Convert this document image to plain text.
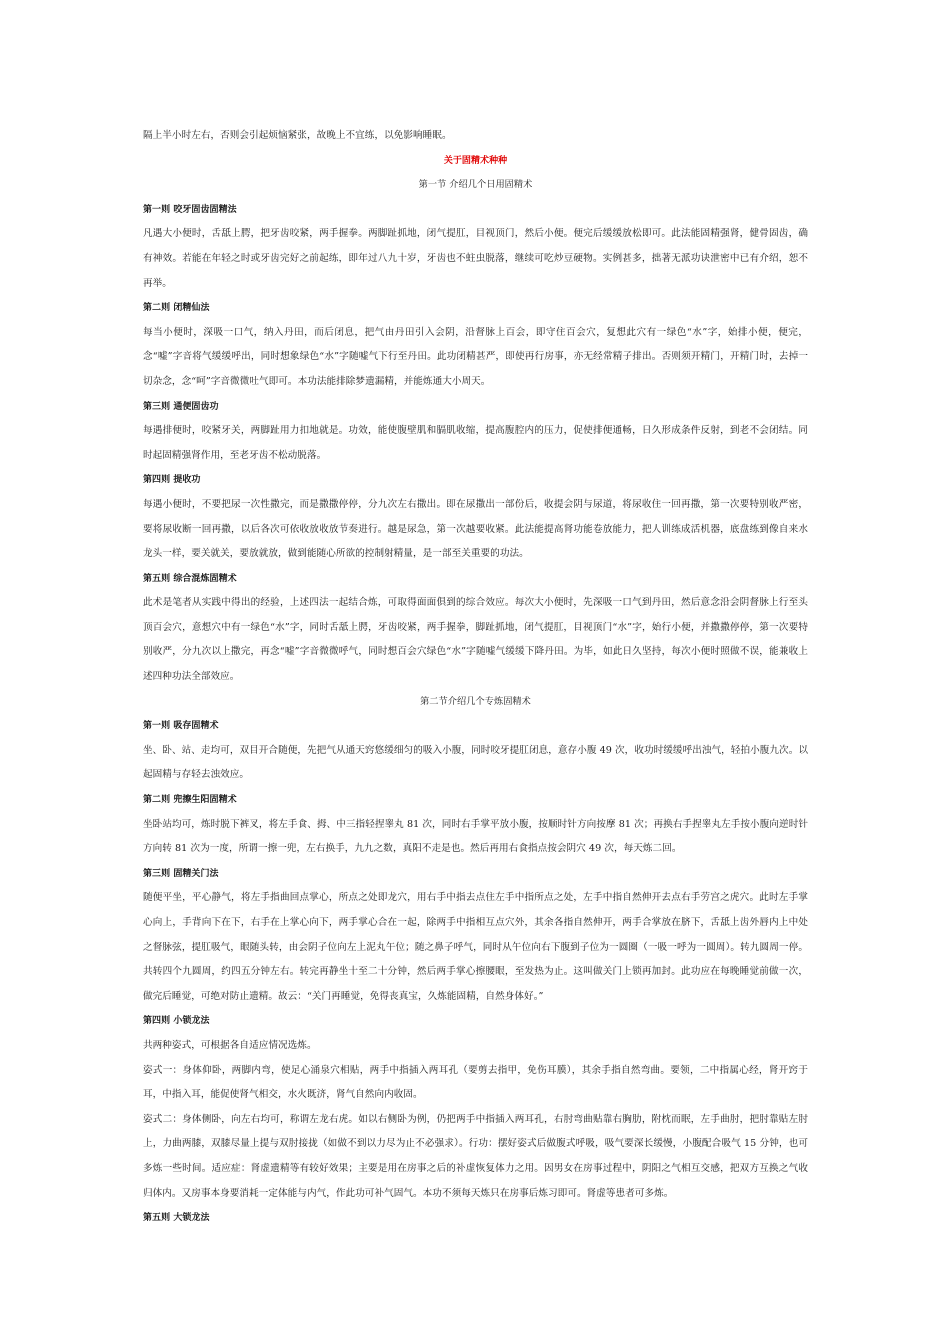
隔上半小时左右，否则会引起烦恼紧张，故晚上不宜练，以免影响睡眠。

关于固精术种种

第一节 介绍几个日用固精术

第一则 咬牙固齿固精法

凡遇大小便时，舌舐上腭，把牙齿咬紧，两手握拳。两脚趾抓地，闭气提肛，目视顶门，然后小便。便完后缓缓放松即可。此法能固精强肾，健骨固齿，确有神效。若能在年轻之时或牙齿完好之前起练，即年过八九十岁，牙齿也不蛀虫脱落，继续可吃炒豆硬物。实例甚多，拙著无派功诀泄密中已有介绍，恕不再举。

第二则 闭精仙法

每当小便时，深吸一口气，纳入丹田，而后闭息，把气由丹田引入会阴，沿督脉上百会，即守住百会穴，复想此穴有一绿色“水”字，始排小便，便完，念“嘘”字音将气缓缓呼出，同时想象绿色“水”字随嘘气下行至丹田。此功闭精甚严，即使再行房事，亦无经常精子排出。否则须开精门，开精门时，去掉一切杂念，念“呵”字音微微吐气即可。本功法能排除梦遗漏精，并能炼通大小周天。

第三则 通便固齿功

每遇排便时，咬紧牙关，两脚趾用力扣地就是。功效，能使腹壁肌和膈肌收缩，提高腹腔内的压力，促使排便通畅，日久形成条件反射，到老不会闭结。同时起固精强肾作用，至老牙齿不松动脱落。

第四则 提收功

每遇小便时，不要把尿一次性撒完，而是撒撒停停，分九次左右撒出。即在尿撒出一部份后，收提会阴与尿道，将尿收住一回再撒，第一次要特别收严密，要将尿收断一回再撒，以后各次可依收放收放节奏进行。越是尿急，第一次越要收紧。此法能提高肾功能卷放能力，把人训练成活机器，底盘练到像自来水龙头一样，要关就关，要放就放，做到能随心所欲的控制射精量，是一部至关重要的功法。

第五则 综合混炼固精术

此术是笔者从实践中得出的经验，上述四法一起结合炼，可取得面面俱到的综合效应。每次大小便时，先深吸一口气到丹田，然后意念沿会阴督脉上行至头顶百会穴，意想穴中有一绿色“水”字，同时舌舐上腭，牙齿咬紧，两手握拳，脚趾抓地，闭气提肛，目视顶门“水”字，始行小便，并撒撒停停，第一次要特别收严，分九次以上撒完，再念“嘘”字音微微呼气，同时想百会穴绿色“水”字随嘘气缓缓下降丹田。为毕，如此日久坚持，每次小便时照做不误，能兼收上述四种功法全部效应。

第二节介绍几个专炼固精术

第一则 吸存固精术

坐、卧、站、走均可，双目开合随便，先把气从通天窍悠缓细匀的吸入小腹，同时咬牙提肛闭息，意存小腹 49 次，收功时缓缓呼出浊气，轻拍小腹九次。以起固精与存轻去浊效应。

第二则 兜擦生阳固精术

坐卧站均可，炼时脱下裤叉，将左手食、拇、中三指轻捏睾丸 81 次，同时右手掌平放小腹，按顺时针方向按摩 81 次；再换右手捏睾丸左手按小腹向逆时针方向转 81 次为一度，所谓一擦一兜，左右换手，九九之数，真阳不走是也。然后再用右食指点按会阴穴 49 次，每天炼二回。

第三则 固精关门法

随便平坐，平心静气，将左手指曲回点掌心，所点之处即龙穴，用右手中指去点住左手中指所点之处，左手中指自然伸开去点右手劳宫之虎穴。此时左手掌心向上，手背向下在下，右手在上掌心向下，两手掌心合在一起，除两手中指相互点穴外，其余各指自然伸开，两手合掌放在脐下，舌舐上齿外唇内上中处之督脉弦，提肛吸气，眼随头转，由会阴子位向左上泥丸午位；随之鼻子呼气，同时从午位向右下腹到子位为一圆圈（一吸一呼为一圆周）。转九圆周一停。共转四个九圆周，约四五分钟左右。转完再静坐十至二十分钟，然后两手掌心擦腰眼，至发热为止。这叫做关门上锁再加封。此功应在每晚睡觉前做一次，做完后睡觉，可绝对防止遗精。故云：“关门再睡觉，免得丧真宝，久炼能固精，自然身体好。”

第四则 小锁龙法

共两种姿式，可根据各自适应情况选炼。

姿式一：身体仰卧，两脚内弯，使足心涌泉穴相贴，两手中指插入两耳孔（要剪去指甲，免伤耳膜），其余手指自然弯曲。要领，二中指属心经，肾开窍于耳，中指入耳，能促使肾气相交，水火既济，肾气自然向内收固。

姿式二：身体侧卧，向左右均可，称谓左龙右虎。如以右侧卧为例，仍把两手中指插入两耳孔，右肘弯曲贴靠右胸肋，附枕而眠，左手曲肘，把肘靠贴左肘上，力曲两膝，双膝尽量上提与双肘接拢（如做不到以力尽为止不必强求）。行功：摆好姿式后做腹式呼吸，吸气要深长缓慢，小腹配合吸气 15 分钟，也可多炼一些时间。适应症：肾虚遗精等有较好效果；主要是用在房事之后的补虚恢复体力之用。因男女在房事过程中，阴阳之气相互交感，把双方互换之气收归体内。又房事本身要消耗一定体能与内气，作此功可补气固气。本功不须每天炼只在房事后炼习即可。肾虚等患者可多炼。

第五则 大锁龙法
